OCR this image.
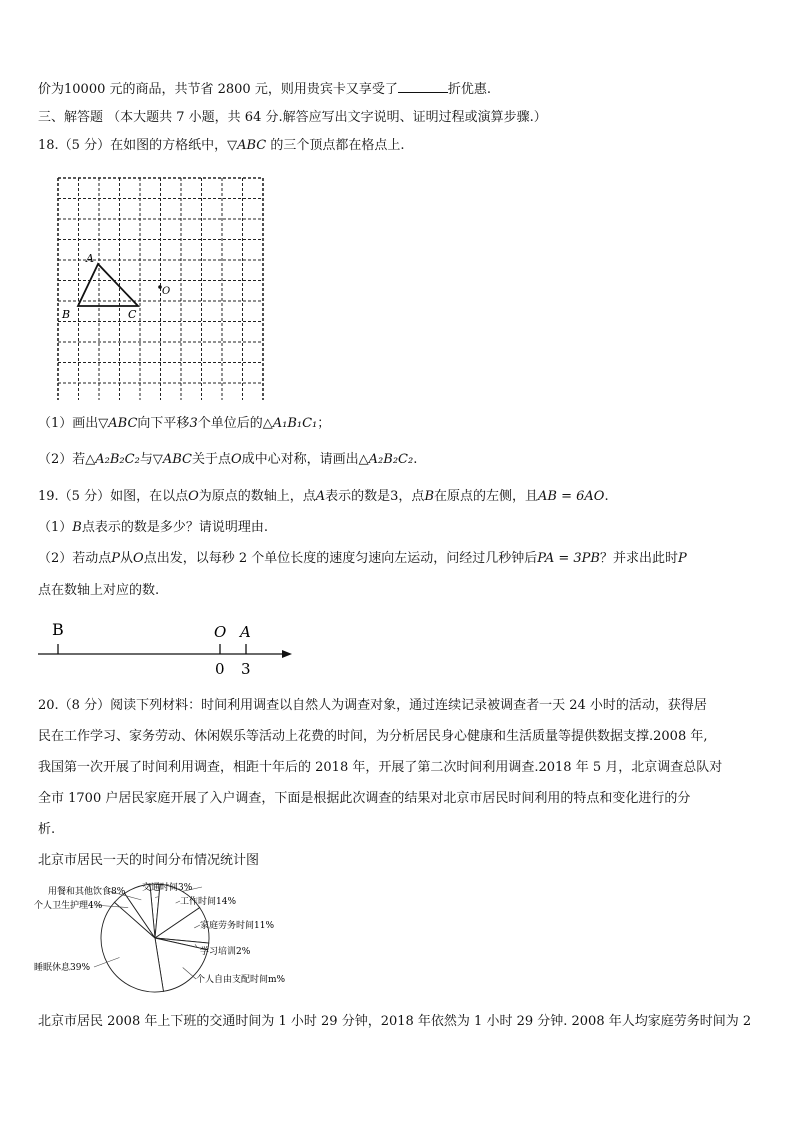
价为10000 元的商品，共节省 2800 元，则用贵宾卡又享受了	折优惠.
三、解答题 （本大题共 7 小题，共 64 分.解答应写出文字说明、证明过程或演算步骤.）
18.（5 分）在如图的方格纸中，▽ABC 的三个顶点都在格点上.
A
B	C
O
（1）画出▽ABC向下平移3个单位后的△A₁B₁C₁；
（2）若△A₂B₂C₂与▽ABC关于点O成中心对称，请画出△A₂B₂C₂.
19.（5 分）如图，在以点O为原点的数轴上，点A表示的数是3，点B在原点的左侧，且AB = 6AO.
（1）B点表示的数是多少？请说明理由.
（2）若动点P从O点出发，以每秒 2 个单位长度的速度匀速向左运动，问经过几秒钟后PA = 3PB？并求出此时P
点在数轴上对应的数.
B	O A
0 3
20.（8 分）阅读下列材料：时间利用调查以自然人为调查对象，通过连续记录被调查者一天 24 小时的活动，获得居
民在工作学习、家务劳动、休闲娱乐等活动上花费的时间，为分析居民身心健康和生活质量等提供数据支撑.2008 年,
我国第一次开展了时间利用调查，相距十年后的 2018 年，开展了第二次时间利用调查.2018 年 5 月，北京调查总队对
全市 1700 户居民家庭开展了入户调查，下面是根据此次调查的结果对北京市居民时间利用的特点和变化进行的分
析.
北京市居民一天的时间分布情况统计图
交通时间3%
工作时间14%
家庭劳务时间11%
学习培训2%
个人自由支配时间m%
睡眠休息39%
个人卫生护理4%
用餐和其他饮食8%
北京市居民 2008 年上下班的交通时间为 1 小时 29 分钟，2018 年依然为 1 小时 29 分钟. 2008 年人均家庭劳务时间为 2
